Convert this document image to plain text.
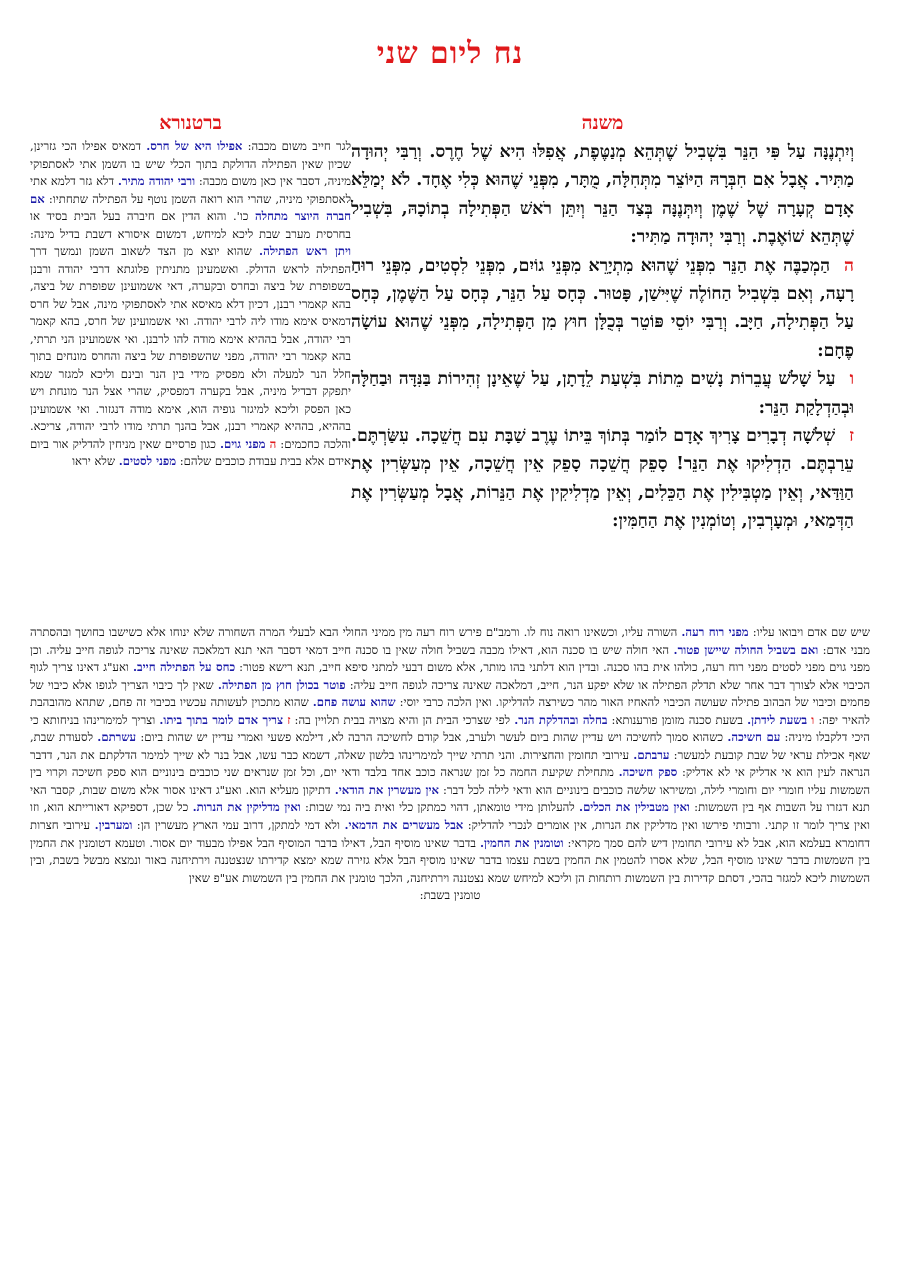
נח ליום שני
משנה
וְיִתְנֶנָּה עַל פִּי הַנֵּר בִּשְׁבִיל שֶׁתְּהֵא מְנַטֶּפֶת, אֲפִלּוּ הִיא שֶׁל חֶרֶס. וְרַבִּי יְהוּדָה מַתִּיר. אֲבָל אִם חִבְּרָהּ הַיּוֹצֵר מִתְּחִלָּה, מֻתָּר, מִפְּנֵי שֶׁהוּא כְּלִי אֶחָד. לֹא יְמַלֵּא אָדָם קְעָרָה שֶׁל שֶׁמֶן וְיִתְּנֶנָּה בְּצַד הַנֵּר וְיִתֵּן רֹאשׁ הַפְּתִילָה בְתוֹכָהּ, בִּשְׁבִיל שֶׁתְּהֵא שׁוֹאֶבֶת. וְרַבִּי יְהוּדָה מַתִּיר:
ההַמְכַבֶּה אֶת הַנֵּר מִפְּנֵי שֶׁהוּא מִתְיָרֵא מִפְּנֵי גוֹיִם, מִפְּנֵי לִסְטִים, מִפְּנֵי רוּחַ רָעָה, וְאִם בִּשְׁבִיל הַחוֹלֶה שֶׁיִּישַׁן, פָּטוּר. כְּחָס עַל הַנֵּר, כְּחָס עַל הַשֶּׁמֶן, כְּחָס עַל הַפְּתִילָה, חַיָּב. וְרַבִּי יוֹסֵי פּוֹטֵר בְּכֻלָּן חוּץ מִן הַפְּתִילָה, מִפְּנֵי שֶׁהוּא עוֹשָׂה פֶחָם:
ועַל שָׁלֹשׁ עֲבֵרוֹת נָשִׁים מֵתוֹת בִּשְׁעַת לֵדָתָן, עַל שֶׁאֵינָן זְהִירוֹת בַּנִּדָּה וּבַחַלָּה וּבְהַדְלָקַת הַנֵּר:
זשְׁלֹשָׁה דְבָרִים צָרִיךְ אָדָם לוֹמַר בְּתוֹךְ בֵּיתוֹ עֶרֶב שַׁבָּת עִם חֲשֵׁכָה. עִשַּׂרְתֶּם. עֵרַבְתֶּם. הַדְלִיקוּ אֶת הַנֵּר! סָפֵק חֲשֵׁכָה סָפֵק אֵין חֲשֵׁכָה, אֵין מְעַשְּׂרִין אֶת הַוַּדַּאי, וְאֵין מַטְבִּילִין אֶת הַכֵּלִים, וְאֵין מַדְלִיקִין אֶת הַנֵּרוֹת, אֲבָל מְעַשְּׂרִין אֶת הַדְּמַאי, וּמְעָרְבִין, וְטוֹמְנִין אֶת הַחַמִּין:
ברטנורא
לגר חייב משום מכבה: אפילו היא של חרס. דמאיס אפילו הכי גזרינן, שכיון שאין הפתילה הדולקת בתוך הכלי שיש בו השמן אתי לאסתפוקי מיניה, דסבר אין כאן משום מכבה: ורבי יהודה מתיר. דלא גזר דלמא אתי לאסתפוקי מיניה, שהרי הוא רואה השמן נוטף על הפתילה שתחתיו: אם חברה היוצר מתחלה כו'. והוא הדין אם חיברה בעל הבית בסיד או בחרסית מערב שבת ליכא למיחש, דמשום איסורא דשבת בדיל מינה: ויתן ראש הפתילה. שהוא יוצא מן הצד לשאוב השמן ונמשך דרך הפתילה לראש הדולק. ואשמעינן מתניתין פלוגתא דרבי יהודה ורבנן בשפופרת של ביצה ובחרס ובקערה, דאי אשמועינן שפופרת של ביצה, בהא קאמרי רבנן, דכיון דלא מאיסא אתי לאסתפוקי מינה, אבל של חרס דמאיס אימא מודו ליה לרבי יהודה. ואי אשמועינן של חרס, בהא קאמר רבי יהודה, אבל בההיא אימא מודה להו לרבנן. ואי אשמועינן הני תרתי, בהא קאמר רבי יהודה, מפני שהשפופרת של ביצה והחרס מונחים בתוך חלל הנר למעלה ולא מפסיק מידי בין הנר ובינם וליכא למגזר שמא יתפקק דבדיל מיניה, אבל בקערה דמפסיק, שהרי אצל הנר מונחת ויש כאן הפסק וליכא למיגזר גופיה הוא, אימא מודה דנגזור. ואי אשמועינן בההיא, בההיא קאמרי רבנן, אבל בהנך תרתי מודו לרבי יהודה, צריכא. והלכה כחכמים: ה מפני גוים. כגון פרסיים שאין מניחין להדליק אור ביום אידם אלא בבית עבודת כוכבים שלהם: מפני לסטים. שלא יראו
שיש שם אדם ויבואו עליו: מפני רוח רעה. השורה עליו, וכשאינו רואה נוח לו. ורמב"ם פירש רוח רעה מין ממיני החולי הבא לבעלי המרה השחורה שלא ינוחו אלא כשישבו בחושך ובהסתרה מבני אדם: ואם בשביל החולה שיישן פטור. האי חולה שיש בו סכנה הוא, דאילו מכבה בשביל חולה שאין בו סכנה חייב דמאי דסבר האי תנא דמלאכה שאינה צריכה לגופה חייב עליה. וכן מפני גוים מפני לסטים מפני רוח רעה, כולהו אית בהו סכנה. ובדין הוא דלתני בהו מותר, אלא משום דבעי למתני סיפא חייב, תנא רישא פטור: כחס על הפתילה חייב. ואע"ג דאינו צריך לגוף הכיבוי אלא לצורך דבר אחר שלא תדלק הפתילה או שלא יפקע הנר, חייב, דמלאכה שאינה צריכה לגופה חייב עליה: פוטר בכולן חוץ מן הפתילה. שאין לך כיבוי הצריך לגופו אלא כיבוי של פחמים וכיבוי של הבהוב פתילה שעושה הכיבוי להאחיז האור מהר כשירצה להדליקו. ואין הלכה כרבי יוסי: שהוא עושה פחם. שהוא מתכוין לעשותה עכשיו בכיבוי זה פחם, שתהא מהובהבת להאיר יפה: ו בשעת לידתן. בשעת סכנה מזומן פורענותא: בחלה ובהדלקת הנר. לפי שצרכי הבית הן והיא מצויה בבית תלויין בה: ז צריך אדם לומר בתוך ביתו. וצריך למימרינהו בניחותא כי היכי דלקבלו מיניה: עם חשיכה. כשהוא סמוך לחשיכה ויש עדיין שהות ביום לעשר ולערב, אבל קודם לחשיכה הרבה לא, דילמא פשעי ואמרי עדיין יש שהות ביום: עשרתם. לסעודת שבת, שאף אכילת עראי של שבת קובעת למעשר: ערבתם. עירובי תחומין והחצירות. והני תרתי שייך למימרינהו בלשון שאלה, דשמא כבר עשו, אבל בנר לא שייך למימר הדלקתם את הנר, דדבר הנראה לעין הוא אי אדליק אי לא אדליק: ספק חשיכה. מתחילת שקיעת החמה כל זמן שנראה כוכב אחד בלבד ודאי יום, וכל זמן שנראים שני כוכבים בינוניים הוא ספק חשיכה וקרוי בין השמשות עליו חומרי יום וחומרי לילה, ומשיראו שלשה כוכבים בינוניים הוא ודאי לילה לכל דבר: אין מעשרין את הודאי. דתיקון מעליא הוא. ואע"ג דאינו אסור אלא משום שבות, קסבר האי תנא דגזרו על השבות אף בין השמשות: ואין מטבילין את הכלים. להעלותן מידי טומאתן, דהוי כמתקן כלי ואית ביה נמי שבות: ואין מדליקין את הנרות. כל שכן, דספיקא דאורייתא הוא, וזו ואין צריך לומר זו קתני. ורבותי פירשו ואין מדליקין את הנרות, אין אומרים לנכרי להדליק: אבל מעשרים את הדמאי. ולא דמי למתקן, דרוב עמי הארץ מעשרין הן: ומערבין. עירובי חצרות דחומרא בעלמא הוא, אבל לא עירובי תחומין דיש להם סמך מקראי: וטומנין את החמין. בדבר שאינו מוסיף הבל, דאילו בדבר המוסיף הבל אפילו מבעוד יום אסור. וטעמא דטומנין את החמין בין השמשות בדבר שאינו מוסיף הבל, שלא אסרו להטמין את החמין בשבת עצמו בדבר שאינו מוסיף הבל אלא גזירה שמא ימצא קדירתו שנצטננה וירתיחנה באור ונמצא מבשל בשבת, ובין השמשות ליכא למגזר בהכי, דסתם קדירות בין השמשות רותחות הן וליכא למיחש שמא נצטננה וירתיחנה, הלכך טומנין את החמין בין השמשות אע"פ שאין
טומנין בשבת:
